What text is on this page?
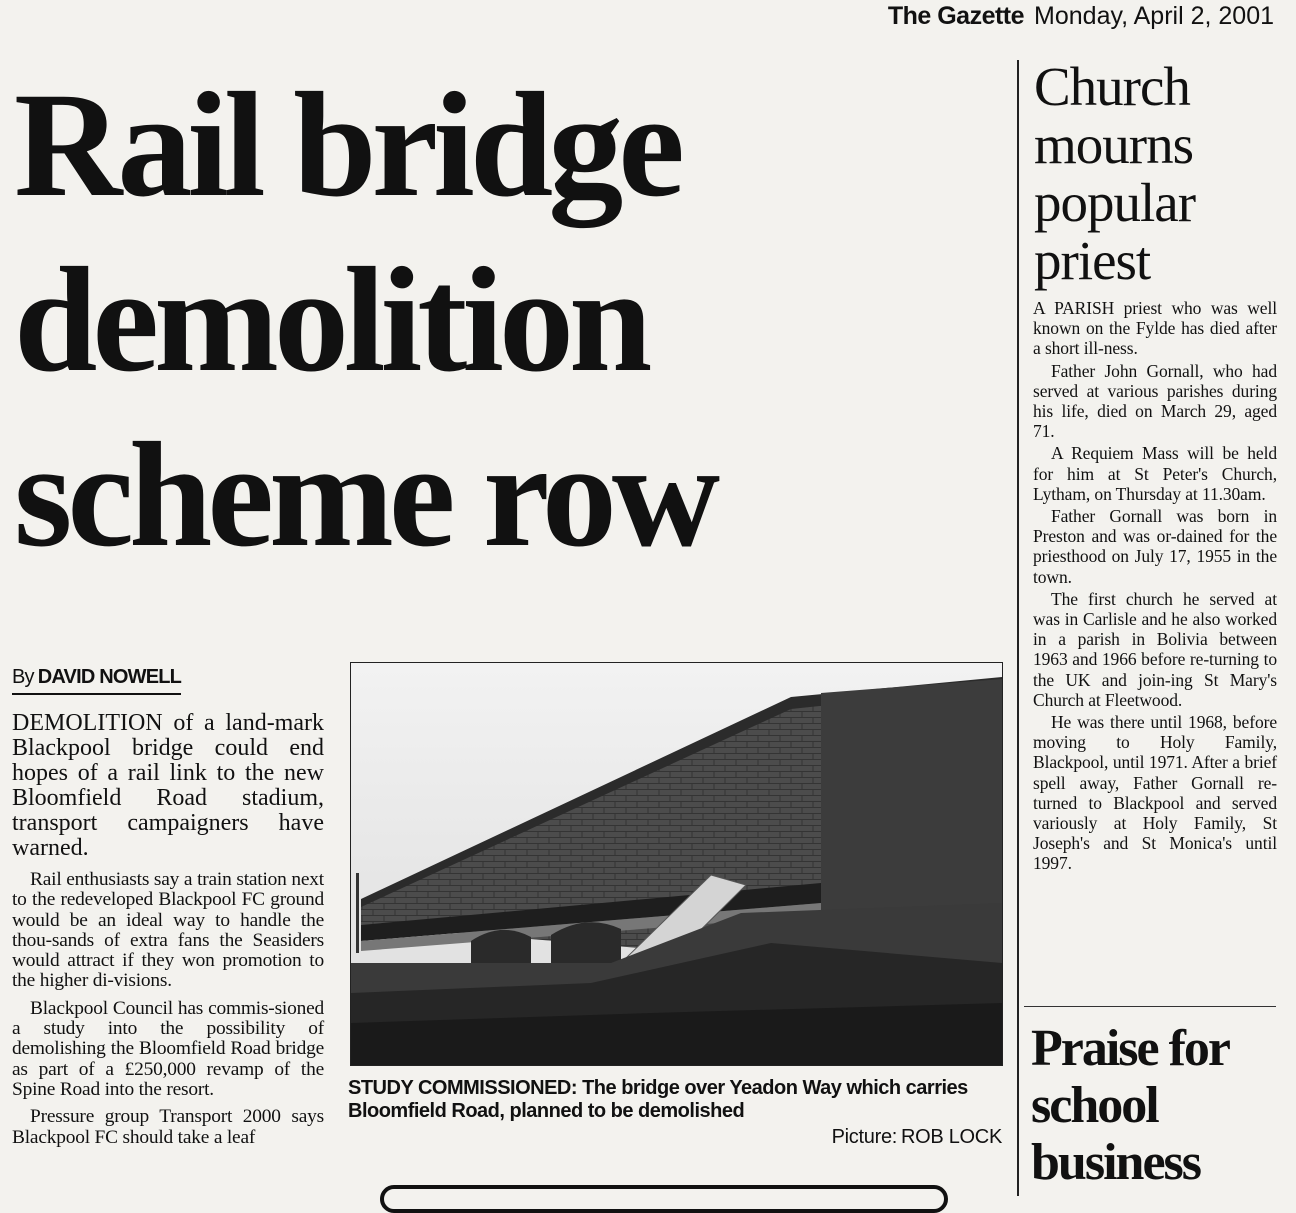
The Gazette Monday, April 2, 2001
Rail bridge
demolition
scheme row
By DAVID NOWELL

DEMOLITION of a land-mark Blackpool bridge could end hopes of a rail link to the new Bloomfield Road stadium, transport campaigners have warned.

Rail enthusiasts say a train station next to the redeveloped Blackpool FC ground would be an ideal way to handle the thou-sands of extra fans the Seasiders would attract if they won promotion to the higher di-visions.

Blackpool Council has commis-sioned a study into the possibility of demolishing the Bloomfield Road bridge as part of a £250,000 revamp of the Spine Road into the resort.

Pressure group Transport 2000 says Blackpool FC should take a leaf

STUDY COMMISSIONED: The bridge over Yeadon Way which carries Bloomfield Road, planned to be demolished
Picture: ROB LOCK
Church
mourns
popular
priest

A PARISH priest who was well known on the Fylde has died after a short ill-ness.

Father John Gornall, who had served at various parishes during his life, died on March 29, aged 71.

A Requiem Mass will be held for him at St Peter's Church, Lytham, on Thursday at 11.30am.

Father Gornall was born in Preston and was or-dained for the priesthood on July 17, 1955 in the town.

The first church he served at was in Carlisle and he also worked in a parish in Bolivia between 1963 and 1966 before re-turning to the UK and join-ing St Mary's Church at Fleetwood.

He was there until 1968, before moving to Holy Family, Blackpool, until 1971. After a brief spell away, Father Gornall re-turned to Blackpool and served variously at Holy Family, St Joseph's and St Monica's until 1997.

Praise for
school
business
